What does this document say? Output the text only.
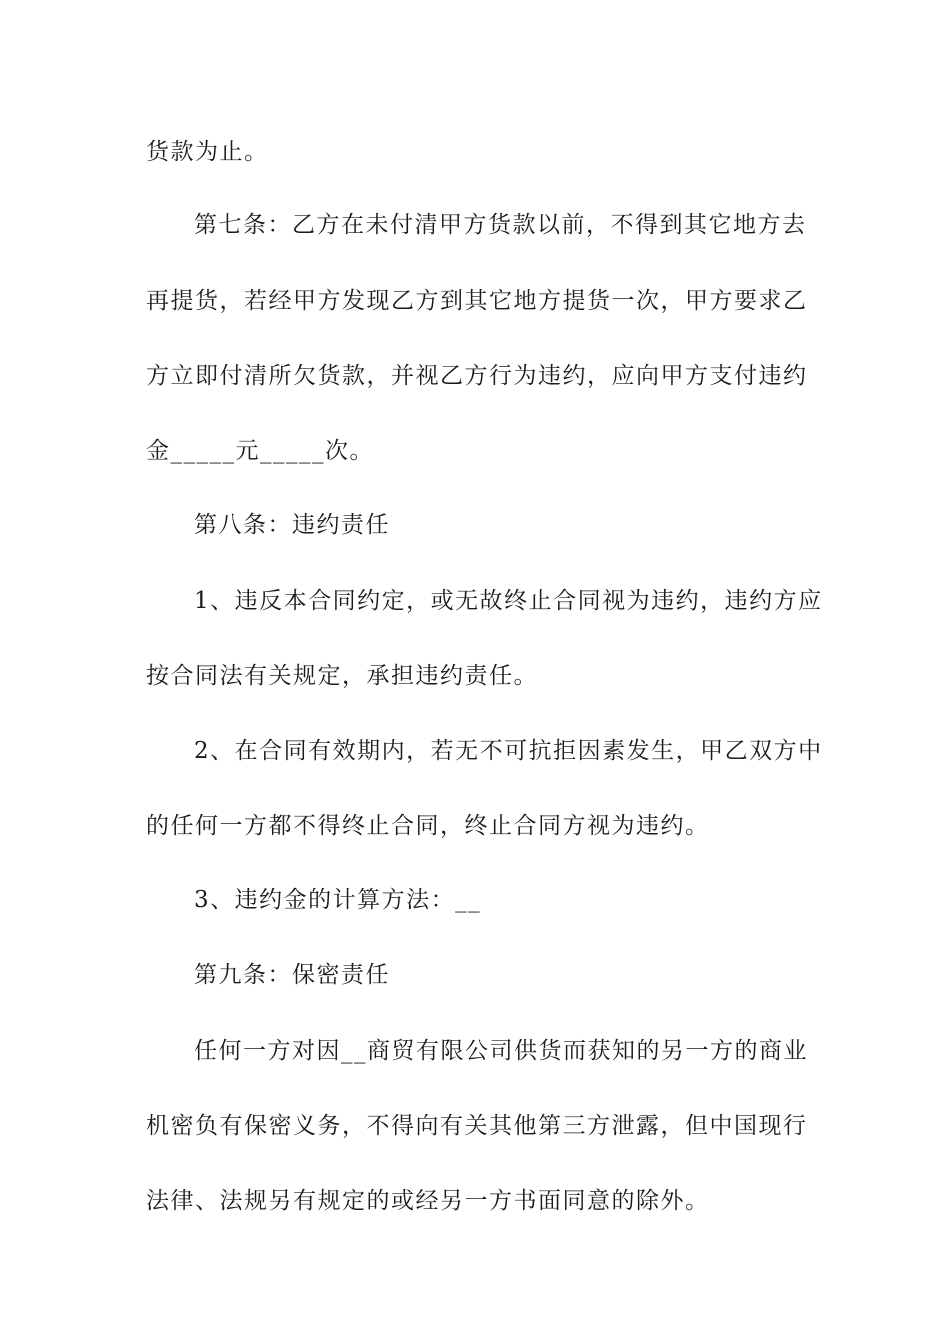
货款为止。
第七条：乙方在未付清甲方货款以前，不得到其它地方去
再提货，若经甲方发现乙方到其它地方提货一次，甲方要求乙
方立即付清所欠货款，并视乙方行为违约，应向甲方支付违约
金_____元_____次。
第八条：违约责任
1、违反本合同约定，或无故终止合同视为违约，违约方应
按合同法有关规定，承担违约责任。
2、在合同有效期内，若无不可抗拒因素发生，甲乙双方中
的任何一方都不得终止合同，终止合同方视为违约。
3、违约金的计算方法：__
第九条：保密责任
任何一方对因__商贸有限公司供货而获知的另一方的商业
机密负有保密义务，不得向有关其他第三方泄露，但中国现行
法律、法规另有规定的或经另一方书面同意的除外。
